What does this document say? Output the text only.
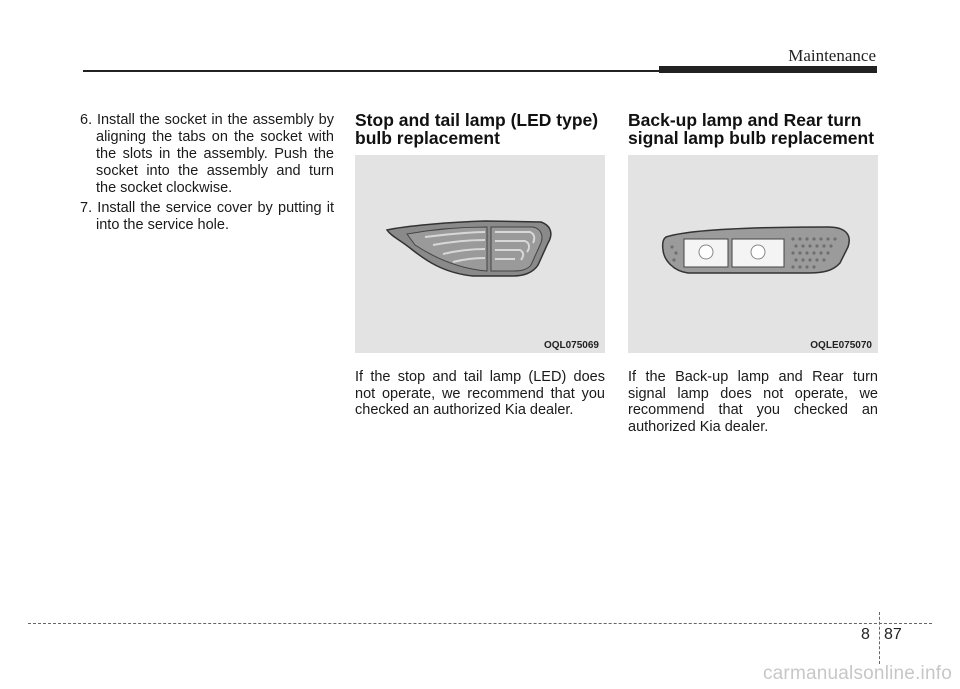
Maintenance
6. Install the socket in the assembly by aligning the tabs on the socket with the slots in the assembly. Push the socket into the assembly and turn the socket clockwise.
7. Install the service cover by putting it into the service hole.
Stop and tail lamp (LED type)
bulb replacement
OQL075069

If the stop and tail lamp (LED) does not operate, we recommend that you checked an authorized Kia dealer.

Back-up lamp and Rear turn
signal lamp bulb replacement
OQLE075070

If the Back-up lamp and Rear turn signal lamp does not operate, we recommend that you checked an authorized Kia dealer.

8 87
carmanualsonline.info
